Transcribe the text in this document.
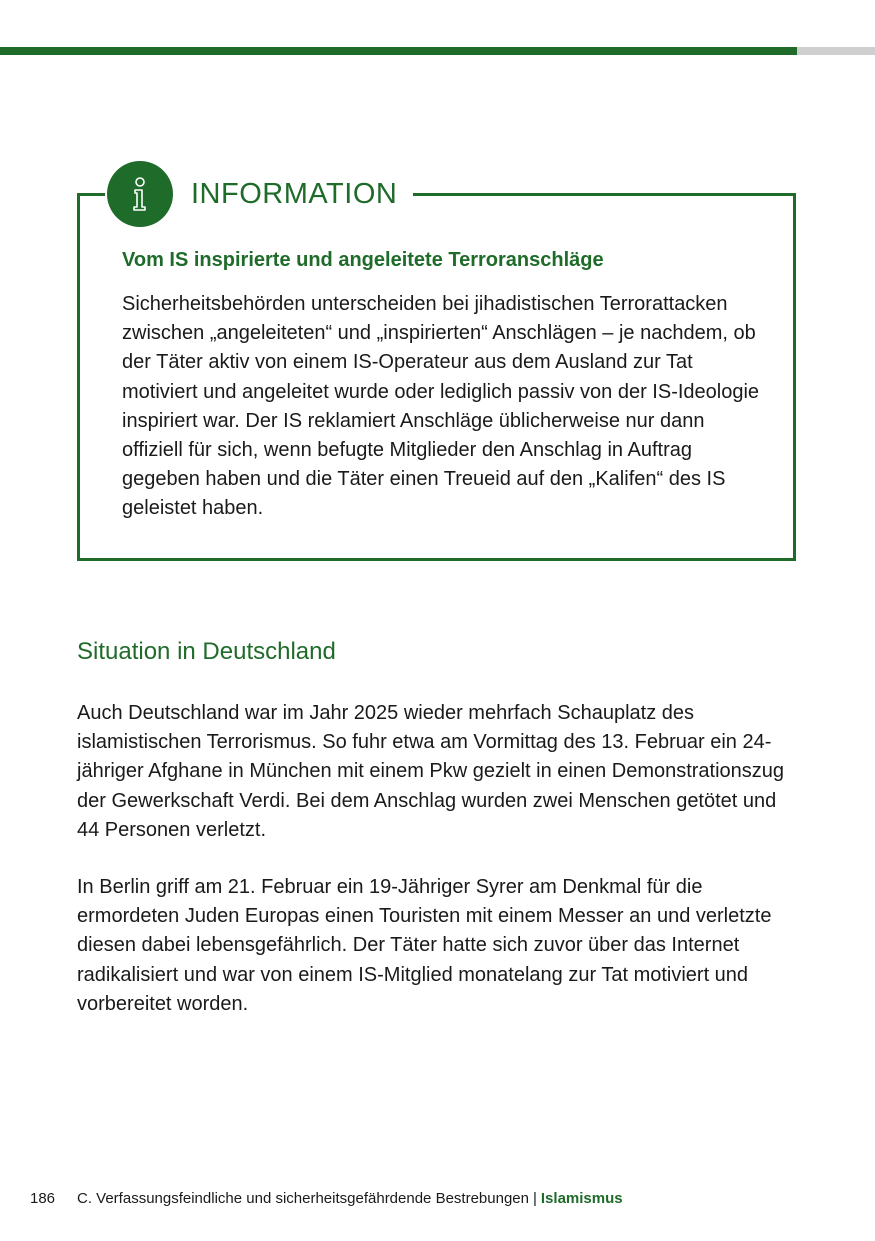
INFORMATION
Vom IS inspirierte und angeleitete Terroranschläge

Sicherheitsbehörden unterscheiden bei jihadistischen Terrorattacken zwischen „angeleiteten“ und „inspirierten“ Anschlägen – je nachdem, ob der Täter aktiv von einem IS-Operateur aus dem Ausland zur Tat motiviert und angeleitet wurde oder lediglich passiv von der IS-Ideologie inspiriert war. Der IS reklamiert Anschläge üblicherweise nur dann offiziell für sich, wenn befugte Mitglieder den Anschlag in Auftrag gegeben haben und die Täter einen Treueid auf den „Kalifen“ des IS geleistet haben.

Situation in Deutschland

Auch Deutschland war im Jahr 2025 wieder mehrfach Schauplatz des islamistischen Terrorismus. So fuhr etwa am Vormittag des 13. Februar ein 24-jähriger Afghane in München mit einem Pkw gezielt in einen Demonstrationszug der Gewerkschaft Verdi. Bei dem Anschlag wurden zwei Menschen getötet und 44 Personen verletzt.

In Berlin griff am 21. Februar ein 19-Jähriger Syrer am Denkmal für die ermordeten Juden Europas einen Touristen mit einem Messer an und verletzte diesen dabei lebensgefährlich. Der Täter hatte sich zuvor über das Internet radikalisiert und war von einem IS-Mitglied monatelang zur Tat motiviert und vorbereitet worden.

186 C. Verfassungsfeindliche und sicherheitsgefährdende Bestrebungen | Islamismus
